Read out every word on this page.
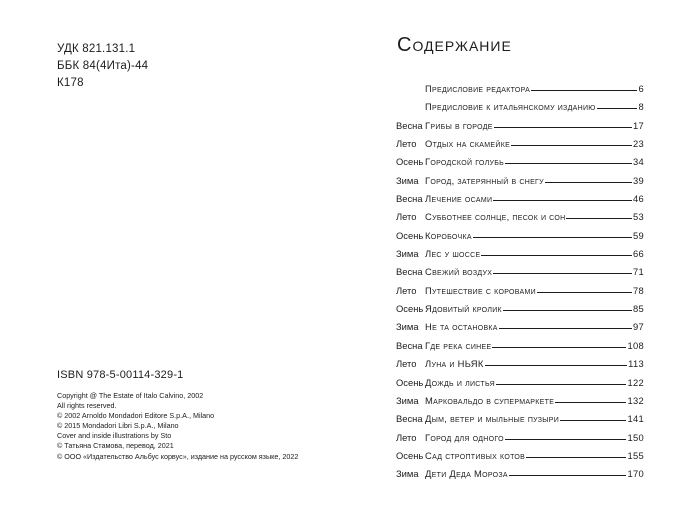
УДК 821.131.1
ББК 84(4Ита)-44
К178
ISBN 978-5-00114-329-1
Copyright @ The Estate of Italo Calvino, 2002
All rights reserved.
© 2002 Arnoldo Mondadori Editore S.p.A., Milano
© 2015 Mondadori Libri S.p.A., Milano
Cover and inside illustrations by Sto
© Татьяна Стамова, перевод, 2021
© ООО «Издательство Альбус корвус», издание на русском языке, 2022
Содержание
Предисловие редактора	6
Предисловие к итальянскому изданию	8
Весна Грибы в городе	17
Лето Отдых на скамейке	23
Осень Городской голубь	34
Зима Город, затерянный в снегу	39
Весна Лечение осами	46
Лето Субботнее солнце, песок и сон	53
Осень Коробочка	59
Зима Лес у шоссе	66
Весна Свежий воздух	71
Лето Путешествие с коровами	78
Осень Ядовитый кролик	85
Зима Не та остановка	97
Весна Где река синее	108
Лето Луна и НЬЯК	113
Осень Дождь и листья	122
Зима Марковальдо в супермаркете	132
Весна Дым, ветер и мыльные пузыри	141
Лето Город для одного	150
Осень Сад строптивых котов	155
Зима Дети Деда Мороза	170
